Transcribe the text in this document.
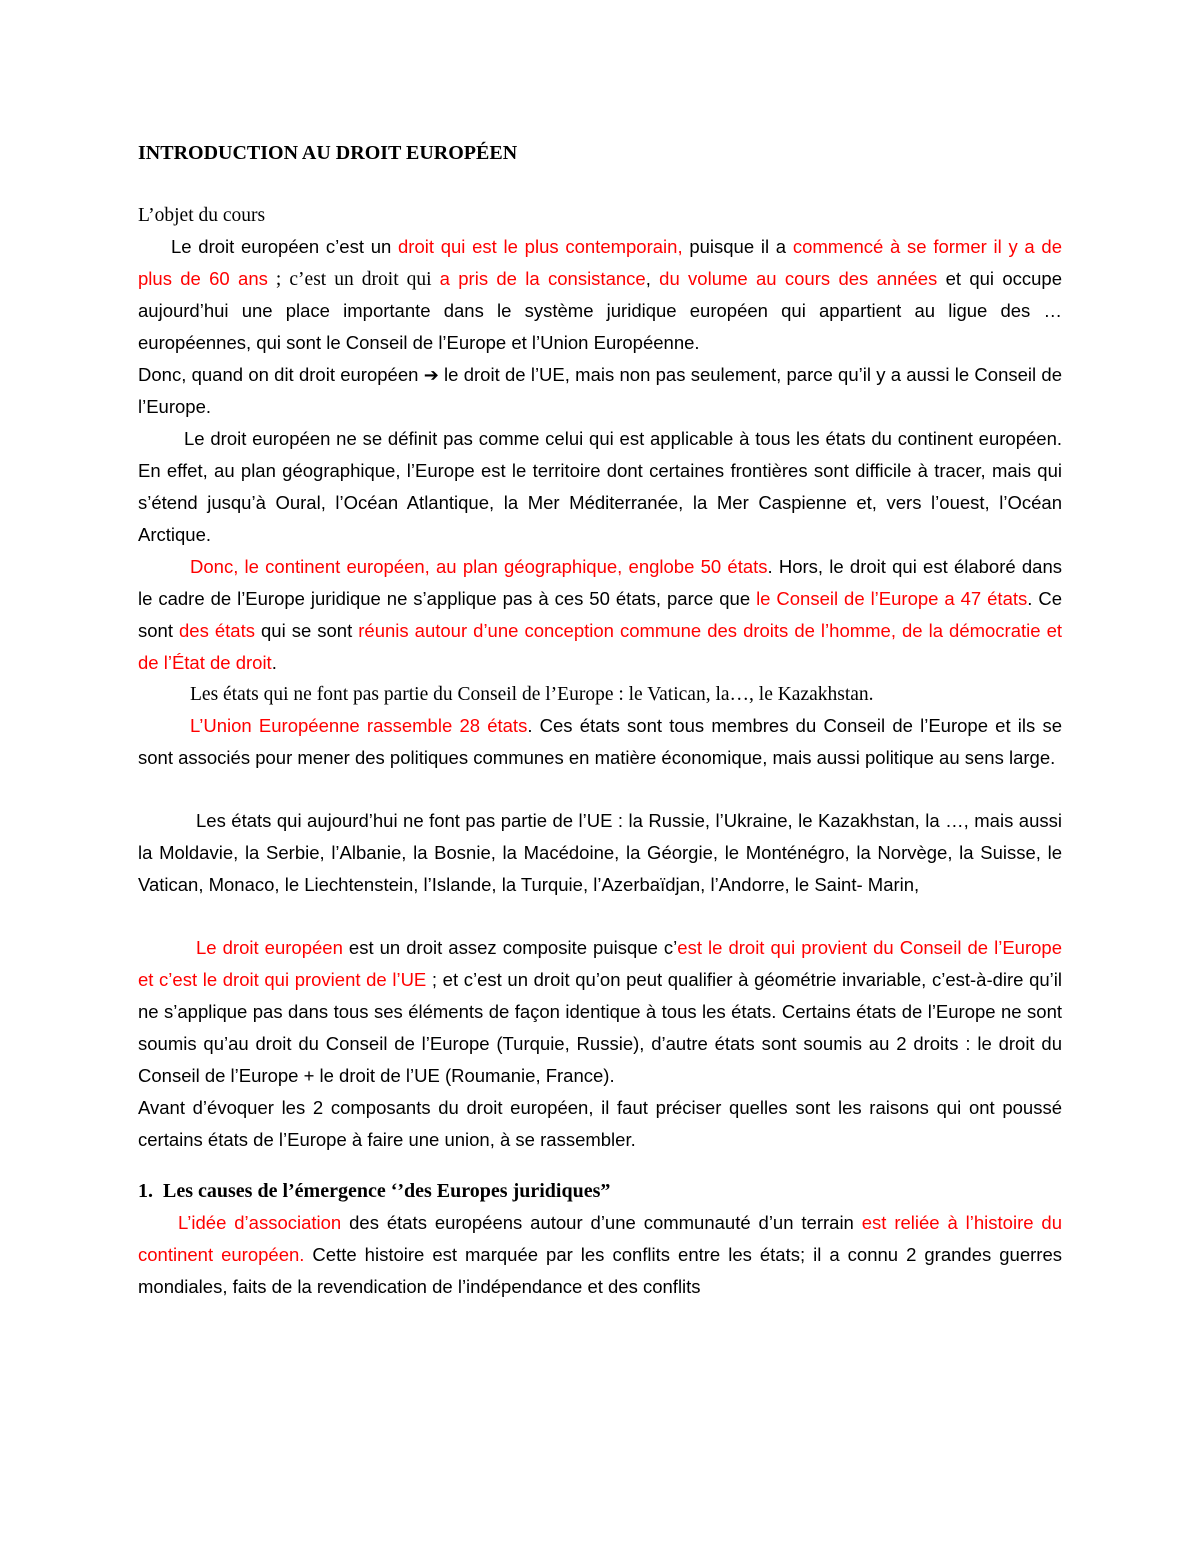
INTRODUCTION AU DROIT EUROPÉEN

L’objet du cours

Le droit européen c’est un droit qui est le plus contemporain, puisque il a commencé à se former il y a de plus de 60 ans ; c’est un droit qui a pris de la consistance, du volume au cours des années et qui occupe aujourd’hui une place importante dans le système juridique européen qui appartient au ligue des … européennes, qui sont le Conseil de l’Europe et l’Union Européenne.
Donc, quand on dit droit européen ➔ le droit de l’UE, mais non pas seulement, parce qu’il y a aussi le Conseil de l’Europe.

Le droit européen ne se définit pas comme celui qui est applicable à tous les états du continent européen. En effet, au plan géographique, l’Europe est le territoire dont certaines frontières sont difficile à tracer, mais qui s’étend jusqu’à Oural, l’Océan Atlantique, la Mer Méditerranée, la Mer Caspienne et, vers l’ouest, l’Océan Arctique.

Donc, le continent européen, au plan géographique, englobe 50 états. Hors, le droit qui est élaboré dans le cadre de l’Europe juridique ne s’applique pas à ces 50 états, parce que le Conseil de l’Europe a 47 états. Ce sont des états qui se sont réunis autour d’une conception commune des droits de l’homme, de la démocratie et de l’État de droit.

Les états qui ne font pas partie du Conseil de l’Europe : le Vatican, la…, le Kazakhstan.

L’Union Européenne rassemble 28 états. Ces états sont tous membres du Conseil de l’Europe et ils se sont associés pour mener des politiques communes en matière économique, mais aussi politique au sens large.

Les états qui aujourd’hui ne font pas partie de l’UE : la Russie, l’Ukraine, le Kazakhstan, la …, mais aussi la Moldavie, la Serbie, l’Albanie, la Bosnie, la Macédoine, la Géorgie, le Monténégro, la Norvège, la Suisse, le Vatican, Monaco, le Liechtenstein, l’Islande, la Turquie, l’Azerbaïdjan, l’Andorre, le Saint- Marin,

Le droit européen est un droit assez composite puisque c’est le droit qui provient du Conseil de l’Europe et c’est le droit qui provient de l’UE ; et c’est un droit qu’on peut qualifier à géométrie invariable, c’est-à-dire qu’il ne s’applique pas dans tous ses éléments de façon identique à tous les états. Certains états de l’Europe ne sont soumis qu’au droit du Conseil de l’Europe (Turquie, Russie), d’autre états sont soumis au 2 droits : le droit du Conseil de l’Europe + le droit de l’UE (Roumanie, France).

Avant d’évoquer les 2 composants du droit européen, il faut préciser quelles sont les raisons qui ont poussé certains états de l’Europe à faire une union, à se rassembler.

1. Les causes de l’émergence ‘’des Europes juridiques”

L’idée d’association des états européens autour d’une communauté d’un terrain est reliée à l’histoire du continent européen. Cette histoire est marquée par les conflits entre les états; il a connu 2 grandes guerres mondiales, faits de la revendication de l’indépendance et des conflits
